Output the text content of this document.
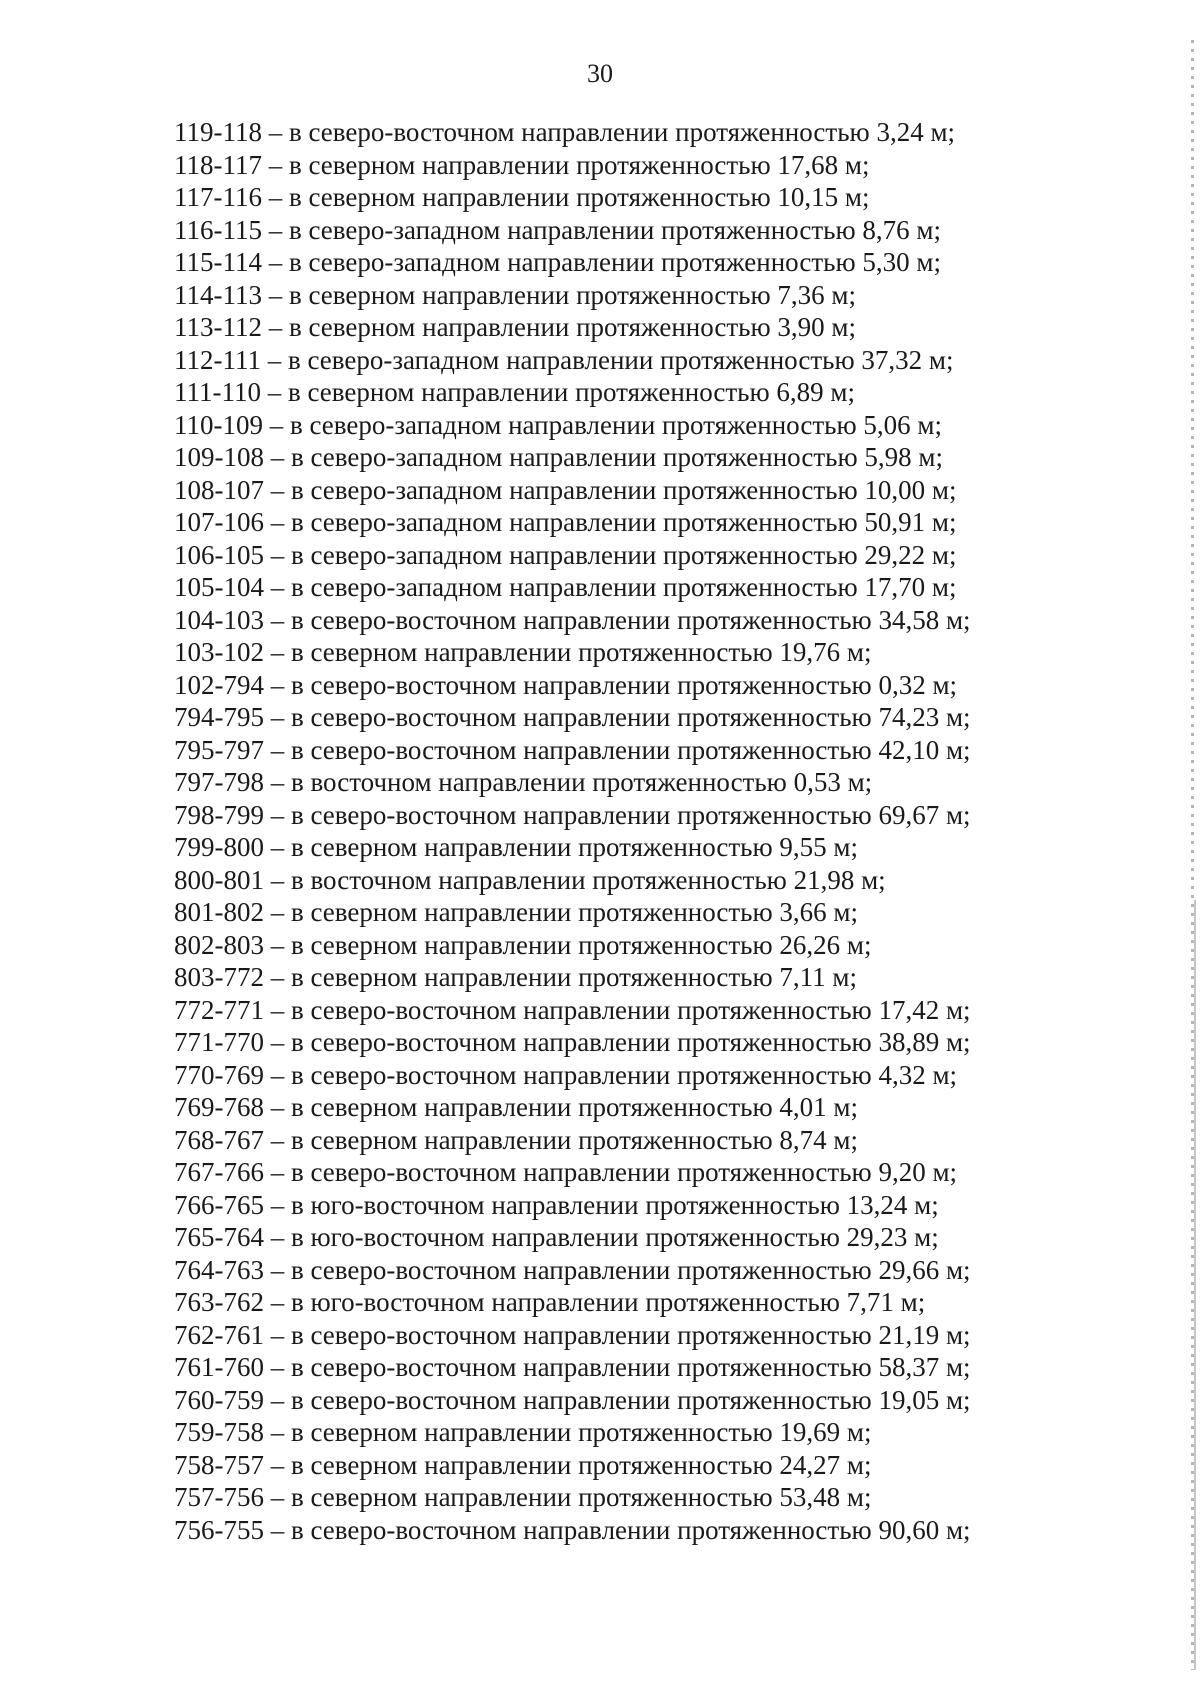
30
119-118 – в северо-восточном направлении протяженностью 3,24 м;
118-117 – в северном направлении протяженностью 17,68 м;
117-116 – в северном направлении протяженностью 10,15 м;
116-115 – в северо-западном направлении протяженностью 8,76 м;
115-114 – в северо-западном направлении протяженностью 5,30 м;
114-113 – в северном направлении протяженностью 7,36 м;
113-112 – в северном направлении протяженностью 3,90 м;
112-111 – в северо-западном направлении протяженностью 37,32 м;
111-110 – в северном направлении протяженностью 6,89 м;
110-109 – в северо-западном направлении протяженностью 5,06 м;
109-108 – в северо-западном направлении протяженностью 5,98 м;
108-107 – в северо-западном направлении протяженностью 10,00 м;
107-106 – в северо-западном направлении протяженностью 50,91 м;
106-105 – в северо-западном направлении протяженностью 29,22 м;
105-104 – в северо-западном направлении протяженностью 17,70 м;
104-103 – в северо-восточном направлении протяженностью 34,58 м;
103-102 – в северном направлении протяженностью 19,76 м;
102-794 – в северо-восточном направлении протяженностью 0,32 м;
794-795 – в северо-восточном направлении протяженностью 74,23 м;
795-797 – в северо-восточном направлении протяженностью 42,10 м;
797-798 – в восточном направлении протяженностью 0,53 м;
798-799 – в северо-восточном направлении протяженностью 69,67 м;
799-800 – в северном направлении протяженностью 9,55 м;
800-801 – в восточном направлении протяженностью 21,98 м;
801-802 – в северном направлении протяженностью 3,66 м;
802-803 – в северном направлении протяженностью 26,26 м;
803-772 – в северном направлении протяженностью 7,11 м;
772-771 – в северо-восточном направлении протяженностью 17,42 м;
771-770 – в северо-восточном направлении протяженностью 38,89 м;
770-769 – в северо-восточном направлении протяженностью 4,32 м;
769-768 – в северном направлении протяженностью 4,01 м;
768-767 – в северном направлении протяженностью 8,74 м;
767-766 – в северо-восточном направлении протяженностью 9,20 м;
766-765 – в юго-восточном направлении протяженностью 13,24 м;
765-764 – в юго-восточном направлении протяженностью 29,23 м;
764-763 – в северо-восточном направлении протяженностью 29,66 м;
763-762 – в юго-восточном направлении протяженностью 7,71 м;
762-761 – в северо-восточном направлении протяженностью 21,19 м;
761-760 – в северо-восточном направлении протяженностью 58,37 м;
760-759 – в северо-восточном направлении протяженностью 19,05 м;
759-758 – в северном направлении протяженностью 19,69 м;
758-757 – в северном направлении протяженностью 24,27 м;
757-756 – в северном направлении протяженностью 53,48 м;
756-755 – в северо-восточном направлении протяженностью 90,60 м;
